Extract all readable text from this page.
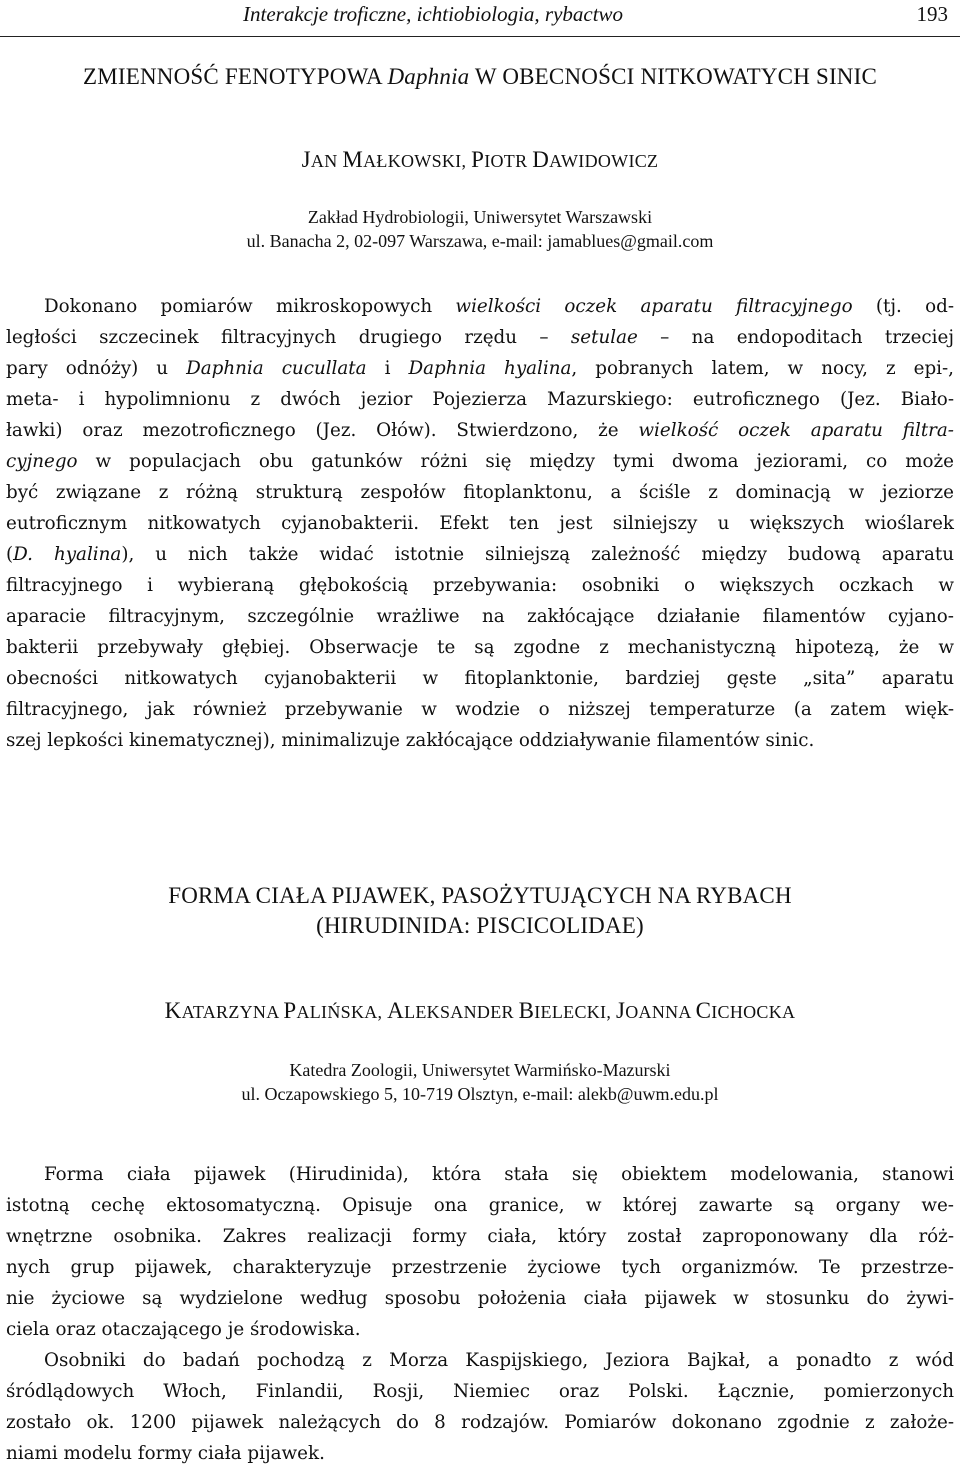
Interakcje troficzne, ichtiobiologia, rybactwo	193
ZMIENNOŚĆ FENOTYPOWA Daphnia W OBECNOŚCI NITKOWATYCH SINIC
JAN MAŁKOWSKI, PIOTR DAWIDOWICZ
Zakład Hydrobiologii, Uniwersytet Warszawski
ul. Banacha 2, 02-097 Warszawa, e-mail: jamablues@gmail.com
Dokonano pomiarów mikroskopowych wielkości oczek aparatu filtracyjnego (tj. od-
ległości szczecinek filtracyjnych drugiego rzędu – setulae – na endopoditach trzeciej
pary odnóży) u Daphnia cucullata i Daphnia hyalina, pobranych latem, w nocy, z epi-,
meta- i hypolimnionu z dwóch jezior Pojezierza Mazurskiego: eutroficznego (Jez. Biało-
ławki) oraz mezotroficznego (Jez. Ołów). Stwierdzono, że wielkość oczek aparatu filtra-
cyjnego w populacjach obu gatunków różni się między tymi dwoma jeziorami, co może
być związane z różną strukturą zespołów fitoplanktonu, a ściśle z dominacją w jeziorze
eutroficznym nitkowatych cyjanobakterii. Efekt ten jest silniejszy u większych wioślarek
(D. hyalina), u nich także widać istotnie silniejszą zależność między budową aparatu
filtracyjnego i wybieraną głębokością przebywania: osobniki o większych oczkach w
aparacie filtracyjnym, szczególnie wrażliwe na zakłócające działanie filamentów cyjano-
bakterii przebywały głębiej. Obserwacje te są zgodne z mechanistyczną hipotezą, że w
obecności nitkowatych cyjanobakterii w fitoplanktonie, bardziej gęste „sita” aparatu
filtracyjnego, jak również przebywanie w wodzie o niższej temperaturze (a zatem więk-
szej lepkości kinematycznej), minimalizuje zakłócające oddziaływanie filamentów sinic.
FORMA CIAŁA PIJAWEK, PASOŻYTUJĄCYCH NA RYBACH
(HIRUDINIDA: PISCICOLIDAE)
KATARZYNA PALIŃSKA, ALEKSANDER BIELECKI, JOANNA CICHOCKA
Katedra Zoologii, Uniwersytet Warmińsko-Mazurski
ul. Oczapowskiego 5, 10-719 Olsztyn, e-mail: alekb@uwm.edu.pl
Forma ciała pijawek (Hirudinida), która stała się obiektem modelowania, stanowi
istotną cechę ektosomatyczną. Opisuje ona granice, w której zawarte są organy we-
wnętrzne osobnika. Zakres realizacji formy ciała, który został zaproponowany dla róż-
nych grup pijawek, charakteryzuje przestrzenie życiowe tych organizmów. Te przestrze-
nie życiowe są wydzielone według sposobu położenia ciała pijawek w stosunku do żywi-
ciela oraz otaczającego je środowiska.
Osobniki do badań pochodzą z Morza Kaspijskiego, Jeziora Bajkał, a ponadto z wód
śródlądowych Włoch, Finlandii, Rosji, Niemiec oraz Polski. Łącznie, pomierzonych
zostało ok. 1200 pijawek należących do 8 rodzajów. Pomiarów dokonano zgodnie z założe-
niami modelu formy ciała pijawek.
